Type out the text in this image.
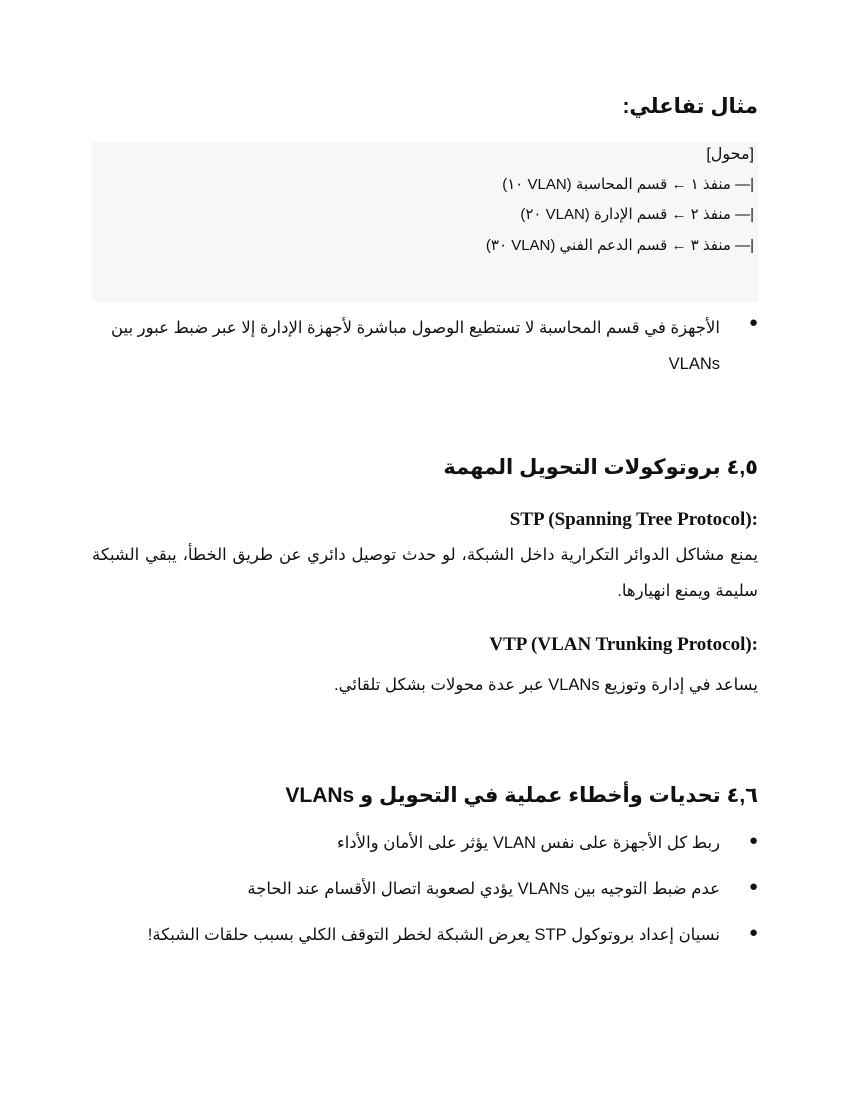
مثال تفاعلي:
[محول]
|— منفذ ١ ← قسم المحاسبة (VLAN ١٠)
|— منفذ ٢ ← قسم الإدارة (VLAN ٢٠)
|— منفذ ٣ ← قسم الدعم الفني (VLAN ٣٠)
●
الأجهزة في قسم المحاسبة لا تستطيع الوصول مباشرة لأجهزة الإدارة إلا عبر ضبط عبور بين VLANs
٤,٥ بروتوكولات التحويل المهمة
STP (Spanning Tree Protocol):
يمنع مشاكل الدوائر التكرارية داخل الشبكة، لو حدث توصيل دائري عن طريق الخطأ، يبقي الشبكة سليمة ويمنع انهيارها.
VTP (VLAN Trunking Protocol):
يساعد في إدارة وتوزيع VLANs عبر عدة محولات بشكل تلقائي.
٤,٦ تحديات وأخطاء عملية في التحويل و VLANs
●
ربط كل الأجهزة على نفس VLAN يؤثر على الأمان والأداء
●
عدم ضبط التوجيه بين VLANs يؤدي لصعوبة اتصال الأقسام عند الحاجة
●
نسيان إعداد بروتوكول STP يعرض الشبكة لخطر التوقف الكلي بسبب حلقات الشبكة!
